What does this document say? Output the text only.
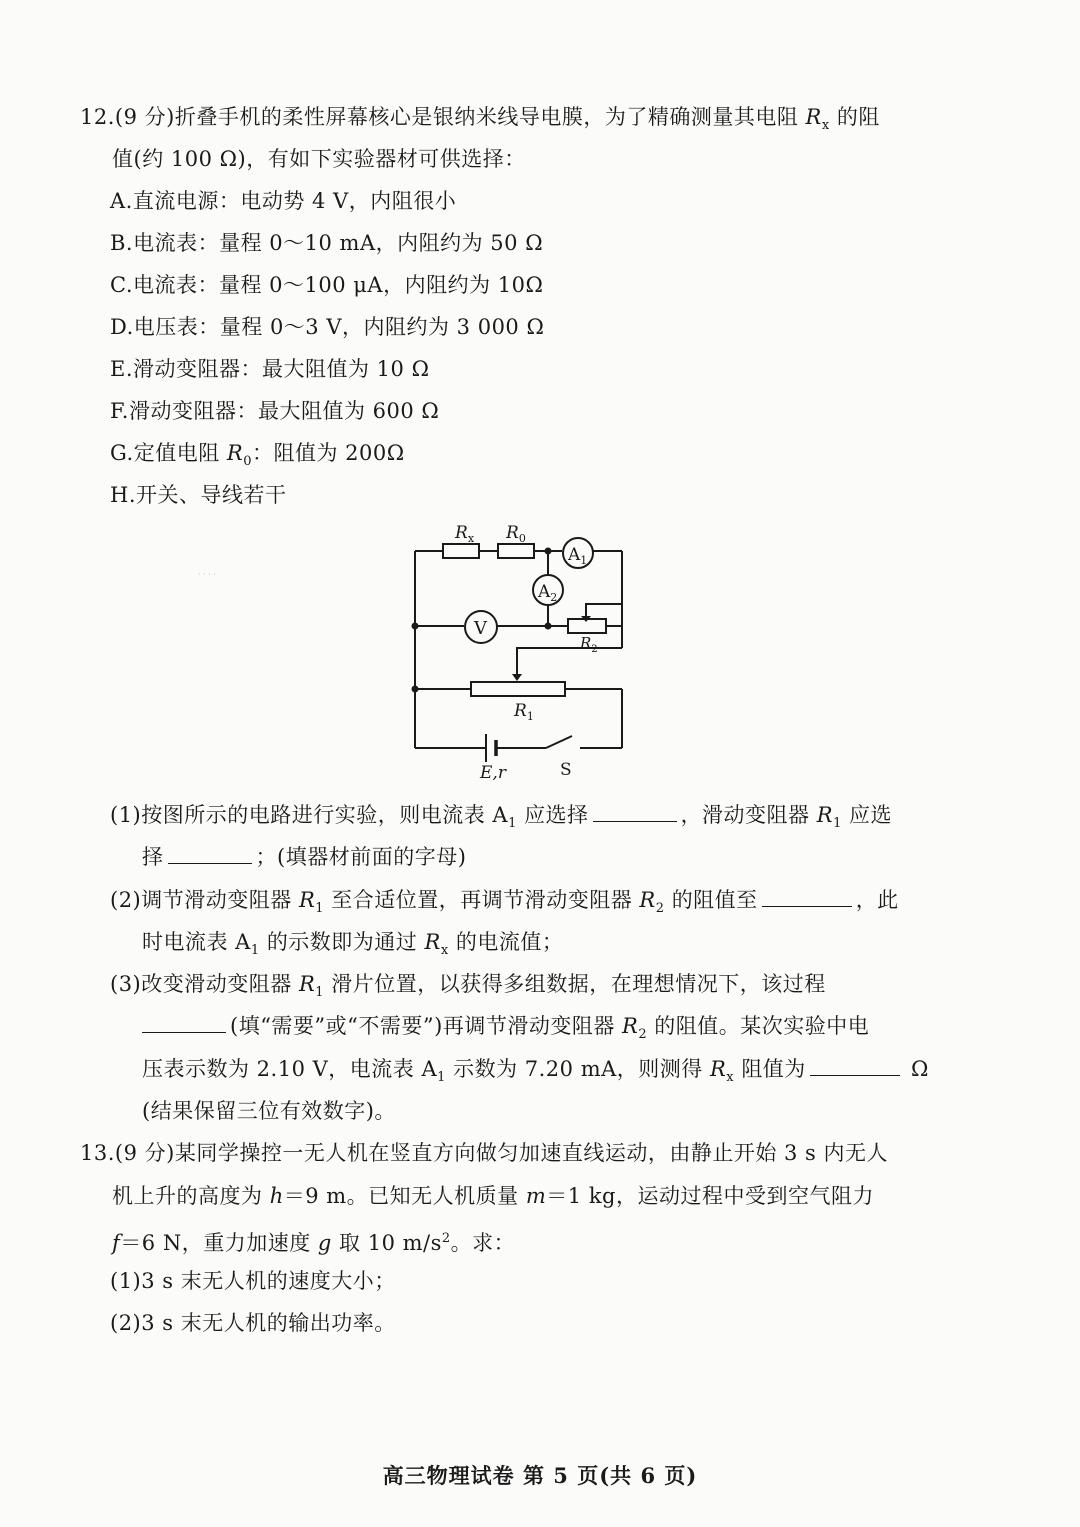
12.(9 分)折叠手机的柔性屏幕核心是银纳米线导电膜，为了精确测量其电阻 $R_x$ 的阻
值(约 100 Ω)，有如下实验器材可供选择：
A.直流电源：电动势 4 V，内阻很小
B.电流表：量程 0～10 mA，内阻约为 50 Ω
C.电流表：量程 0～100 μA，内阻约为 10Ω
D.电压表：量程 0～3 V，内阻约为 3 000 Ω
E.滑动变阻器：最大阻值为 10 Ω
F.滑动变阻器：最大阻值为 600 Ω
G.定值电阻 $R_0$：阻值为 200Ω
H.开关、导线若干
· · · ·
$R_x$ $R_0$
$A_1$
$A_2$
V
$R_2$
$R_1$
E,r	S
(1)按图所示的电路进行实验，则电流表 $A_1$ 应选择	，滑动变阻器 $R_1$ 应选
择	；(填器材前面的字母)
(2)调节滑动变阻器 $R_1$ 至合适位置，再调节滑动变阻器 $R_2$ 的阻值至	，此
时电流表 $A_1$ 的示数即为通过 $R_x$ 的电流值；
(3)改变滑动变阻器 $R_1$ 滑片位置，以获得多组数据，在理想情况下，该过程
(填“需要”或“不需要”)再调节滑动变阻器 $R_2$ 的阻值。某次实验中电
压表示数为 2.10 V，电流表 $A_1$ 示数为 7.20 mA，则测得 $R_x$ 阻值为	Ω
(结果保留三位有效数字)。
13.(9 分)某同学操控一无人机在竖直方向做匀加速直线运动，由静止开始 3 s 内无人
机上升的高度为 h＝9 m。已知无人机质量 m＝1 kg，运动过程中受到空气阻力
f＝6 N，重力加速度 g 取 10 $m/s^2$。求：
(1)3 s 末无人机的速度大小；
(2)3 s 末无人机的输出功率。
高三物理试卷 第 5 页(共 6 页)
